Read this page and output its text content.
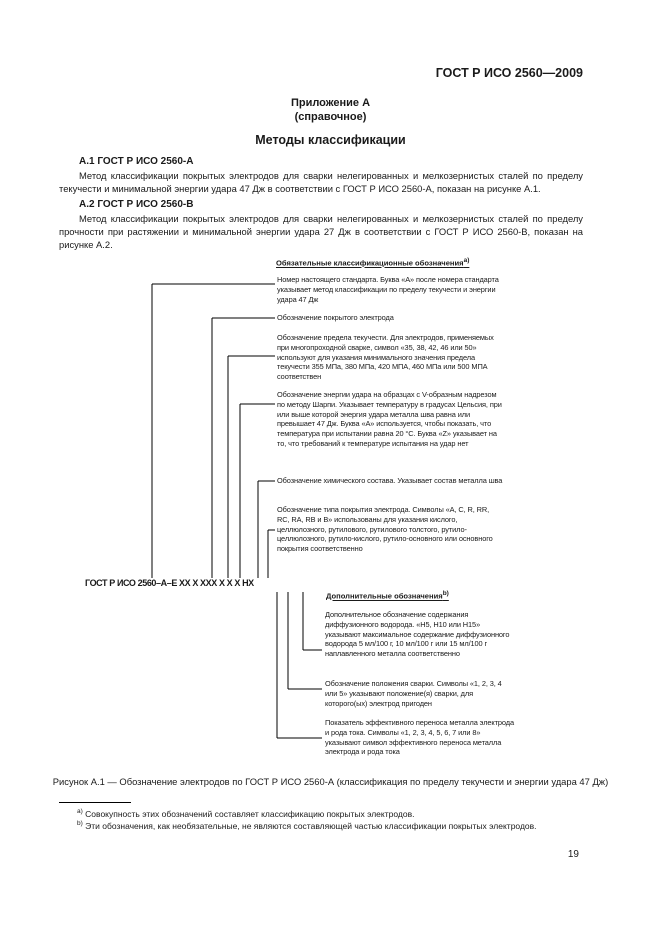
ГОСТ Р ИСО 2560—2009
Приложение А
(справочное)
Методы классификации
А.1 ГОСТ Р ИСО 2560-А
Метод классификации покрытых электродов для сварки нелегированных и мелкозернистых сталей по пределу текучести и минимальной энергии удара 47 Дж в соответствии с ГОСТ Р ИСО 2560-А, показан на рисунке А.1.
А.2 ГОСТ Р ИСО 2560-В
Метод классификации покрытых электродов для сварки нелегированных и мелкозернистых сталей по пределу прочности при растяжении и минимальной энергии удара 27 Дж в соответствии с ГОСТ Р ИСО 2560-В, показан на рисунке А.2.
Обязательные классификационные обозначения$^{а)}$
Номер настоящего стандарта. Буква «А» после номера стандарта указывает метод классификации по пределу текучести и энергии удара 47 Дж
Обозначение покрытого электрода
Обозначение предела текучести. Для электродов, применяемых при многопроходной сварке, символ «35, 38, 42, 46 или 50» используют для указания минимального значения предела текучести 355 МПа, 380 МПа, 420 МПА, 460 МПа или 500 МПА соответствен
Обозначение энергии удара на образцах с V-образным надрезом по методу Шарпи. Указывает температуру в градусах Цельсия, при или выше которой энергия удара металла шва равна или превышает 47 Дж. Буква «А» используется, чтобы показать, что температура при испытании равна 20 °С. Буква «Z» указывает на то, что требований к температуре испытания на удар нет
Обозначение химического состава. Указывает состав металла шва
Обозначение типа покрытия электрода. Символы «А, С, R, RR, RC, RA, RB и B» использованы для указания кислого, целлюлозного, рутилового, рутилового толстого, рутило-целлюлозного, рутило-кислого, рутило-основного или основного покрытия соответственно
ГОСТ Р ИСО 2560–А–Е XX X XXX X X X HX
Дополнительные обозначения$^{b)}$
Дополнительное обозначение содержания диффузионного водорода. «Н5, Н10 или Н15» указывают максимальное содержание диффузионного водорода 5 мл/100 г, 10 мл/100 г или 15 мл/100 г наплавленного металла соответственно
Обозначение положения сварки. Символы «1, 2, 3, 4 или 5» указывают положение(я) сварки, для которого(ых) электрод пригоден
Показатель эффективного переноса металла электрода и рода тока. Символы «1, 2, 3, 4, 5, 6, 7 или 8» указывают символ эффективного переноса металла электрода и рода тока
Рисунок А.1 — Обозначение электродов по ГОСТ Р ИСО 2560-А (классификация по пределу текучести и энергии удара 47 Дж)
$^{a)}$ Совокупность этих обозначений составляет классификацию покрытых электродов.
$^{b)}$ Эти обозначения, как необязательные, не являются составляющей частью классификации покрытых электродов.
19
